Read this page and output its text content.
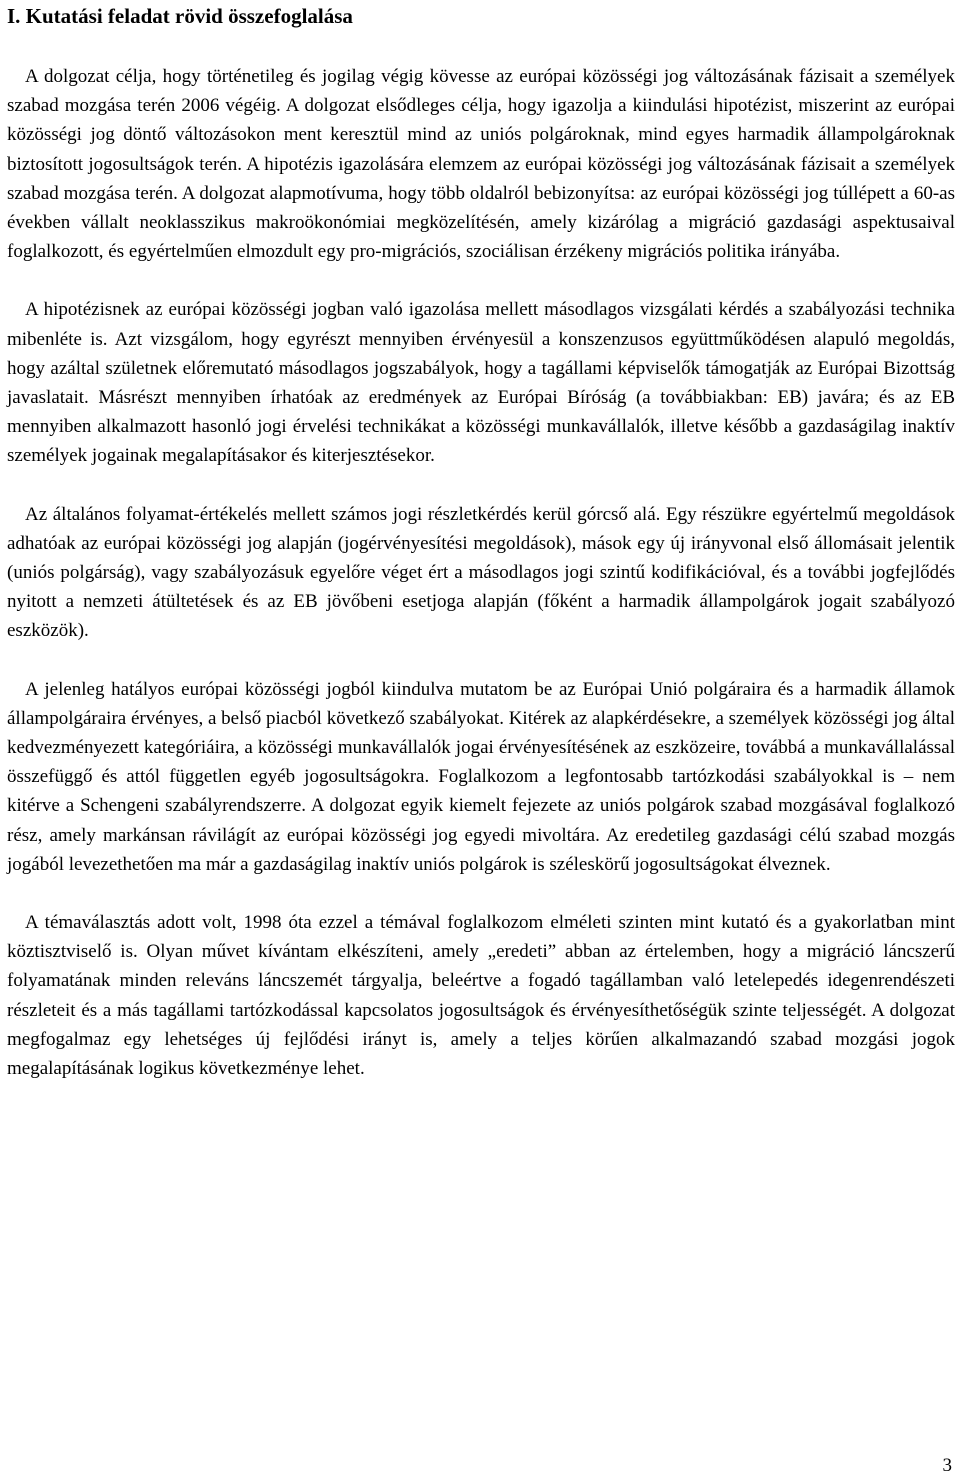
I. Kutatási feladat rövid összefoglalása

A dolgozat célja, hogy történetileg és jogilag végig kövesse az európai közösségi jog változásának fázisait a személyek szabad mozgása terén 2006 végéig. A dolgozat elsődleges célja, hogy igazolja a kiindulási hipotézist, miszerint az európai közösségi jog döntő változásokon ment keresztül mind az uniós polgároknak, mind egyes harmadik állampolgároknak biztosított jogosultságok terén. A hipotézis igazolására elemzem az európai közösségi jog változásának fázisait a személyek szabad mozgása terén. A dolgozat alapmotívuma, hogy több oldalról bebizonyítsa: az európai közösségi jog túllépett a 60-as években vállalt neoklasszikus makroökonómiai megközelítésén, amely kizárólag a migráció gazdasági aspektusaival foglalkozott, és egyértelműen elmozdult egy pro-migrációs, szociálisan érzékeny migrációs politika irányába.

A hipotézisnek az európai közösségi jogban való igazolása mellett másodlagos vizsgálati kérdés a szabályozási technika mibenléte is. Azt vizsgálom, hogy egyrészt mennyiben érvényesül a konszenzusos együttműködésen alapuló megoldás, hogy azáltal születnek előremutató másodlagos jogszabályok, hogy a tagállami képviselők támogatják az Európai Bizottság javaslatait. Másrészt mennyiben írhatóak az eredmények az Európai Bíróság (a továbbiakban: EB) javára; és az EB mennyiben alkalmazott hasonló jogi érvelési technikákat a közösségi munkavállalók, illetve később a gazdaságilag inaktív személyek jogainak megalapításakor és kiterjesztésekor.

Az általános folyamat-értékelés mellett számos jogi részletkérdés kerül górcső alá. Egy részükre egyértelmű megoldások adhatóak az európai közösségi jog alapján (jogérvényesítési megoldások), mások egy új irányvonal első állomásait jelentik (uniós polgárság), vagy szabályozásuk egyelőre véget ért a másodlagos jogi szintű kodifikációval, és a további jogfejlődés nyitott a nemzeti átültetések és az EB jövőbeni esetjoga alapján (főként a harmadik állampolgárok jogait szabályozó eszközök).

A jelenleg hatályos európai közösségi jogból kiindulva mutatom be az Európai Unió polgáraira és a harmadik államok állampolgáraira érvényes, a belső piacból következő szabályokat. Kitérek az alapkérdésekre, a személyek közösségi jog által kedvezményezett kategóriáira, a közösségi munkavállalók jogai érvényesítésének az eszközeire, továbbá a munkavállalással összefüggő és attól független egyéb jogosultságokra. Foglalkozom a legfontosabb tartózkodási szabályokkal is – nem kitérve a Schengeni szabályrendszerre. A dolgozat egyik kiemelt fejezete az uniós polgárok szabad mozgásával foglalkozó rész, amely markánsan rávilágít az európai közösségi jog egyedi mivoltára. Az eredetileg gazdasági célú szabad mozgás jogából levezethetően ma már a gazdaságilag inaktív uniós polgárok is széleskörű jogosultságokat élveznek.

A témaválasztás adott volt, 1998 óta ezzel a témával foglalkozom elméleti szinten mint kutató és a gyakorlatban mint köztisztviselő is. Olyan művet kívántam elkészíteni, amely „eredeti” abban az értelemben, hogy a migráció láncszerű folyamatának minden releváns láncszemét tárgyalja, beleértve a fogadó tagállamban való letelepedés idegenrendészeti részleteit és a más tagállami tartózkodással kapcsolatos jogosultságok és érvényesíthetőségük szinte teljességét. A dolgozat megfogalmaz egy lehetséges új fejlődési irányt is, amely a teljes körűen alkalmazandó szabad mozgási jogok megalapításának logikus következménye lehet.

3
